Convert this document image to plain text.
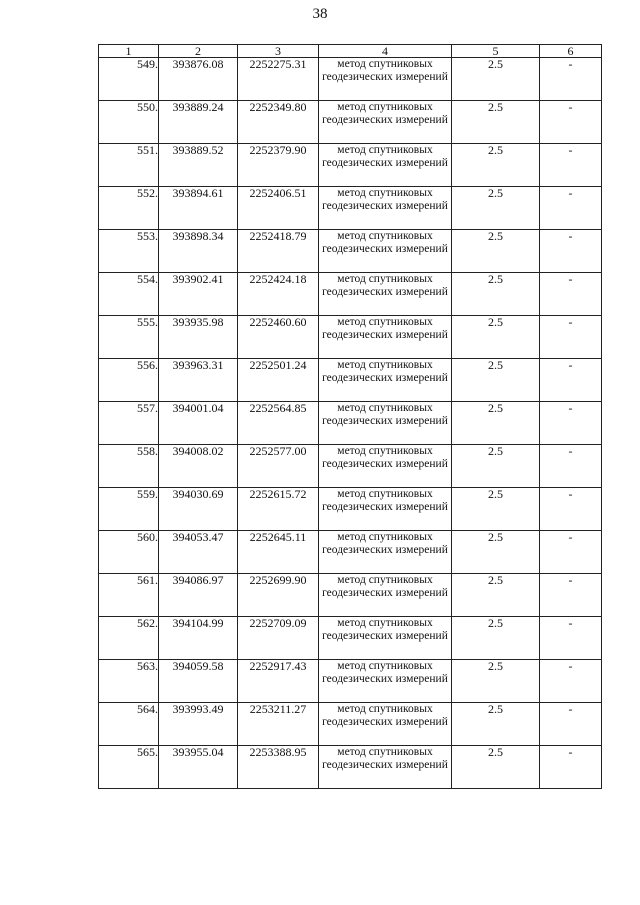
38
1	2	3	4	5	6
549.	393876.08	2252275.31	метод спутниковых геодезических измерений	2.5	-
550.	393889.24	2252349.80	метод спутниковых геодезических измерений	2.5	-
551.	393889.52	2252379.90	метод спутниковых геодезических измерений	2.5	-
552.	393894.61	2252406.51	метод спутниковых геодезических измерений	2.5	-
553.	393898.34	2252418.79	метод спутниковых геодезических измерений	2.5	-
554.	393902.41	2252424.18	метод спутниковых геодезических измерений	2.5	-
555.	393935.98	2252460.60	метод спутниковых геодезических измерений	2.5	-
556.	393963.31	2252501.24	метод спутниковых геодезических измерений	2.5	-
557.	394001.04	2252564.85	метод спутниковых геодезических измерений	2.5	-
558.	394008.02	2252577.00	метод спутниковых геодезических измерений	2.5	-
559.	394030.69	2252615.72	метод спутниковых геодезических измерений	2.5	-
560.	394053.47	2252645.11	метод спутниковых геодезических измерений	2.5	-
561.	394086.97	2252699.90	метод спутниковых геодезических измерений	2.5	-
562.	394104.99	2252709.09	метод спутниковых геодезических измерений	2.5	-
563.	394059.58	2252917.43	метод спутниковых геодезических измерений	2.5	-
564.	393993.49	2253211.27	метод спутниковых геодезических измерений	2.5	-
565.	393955.04	2253388.95	метод спутниковых геодезических измерений	2.5	-
